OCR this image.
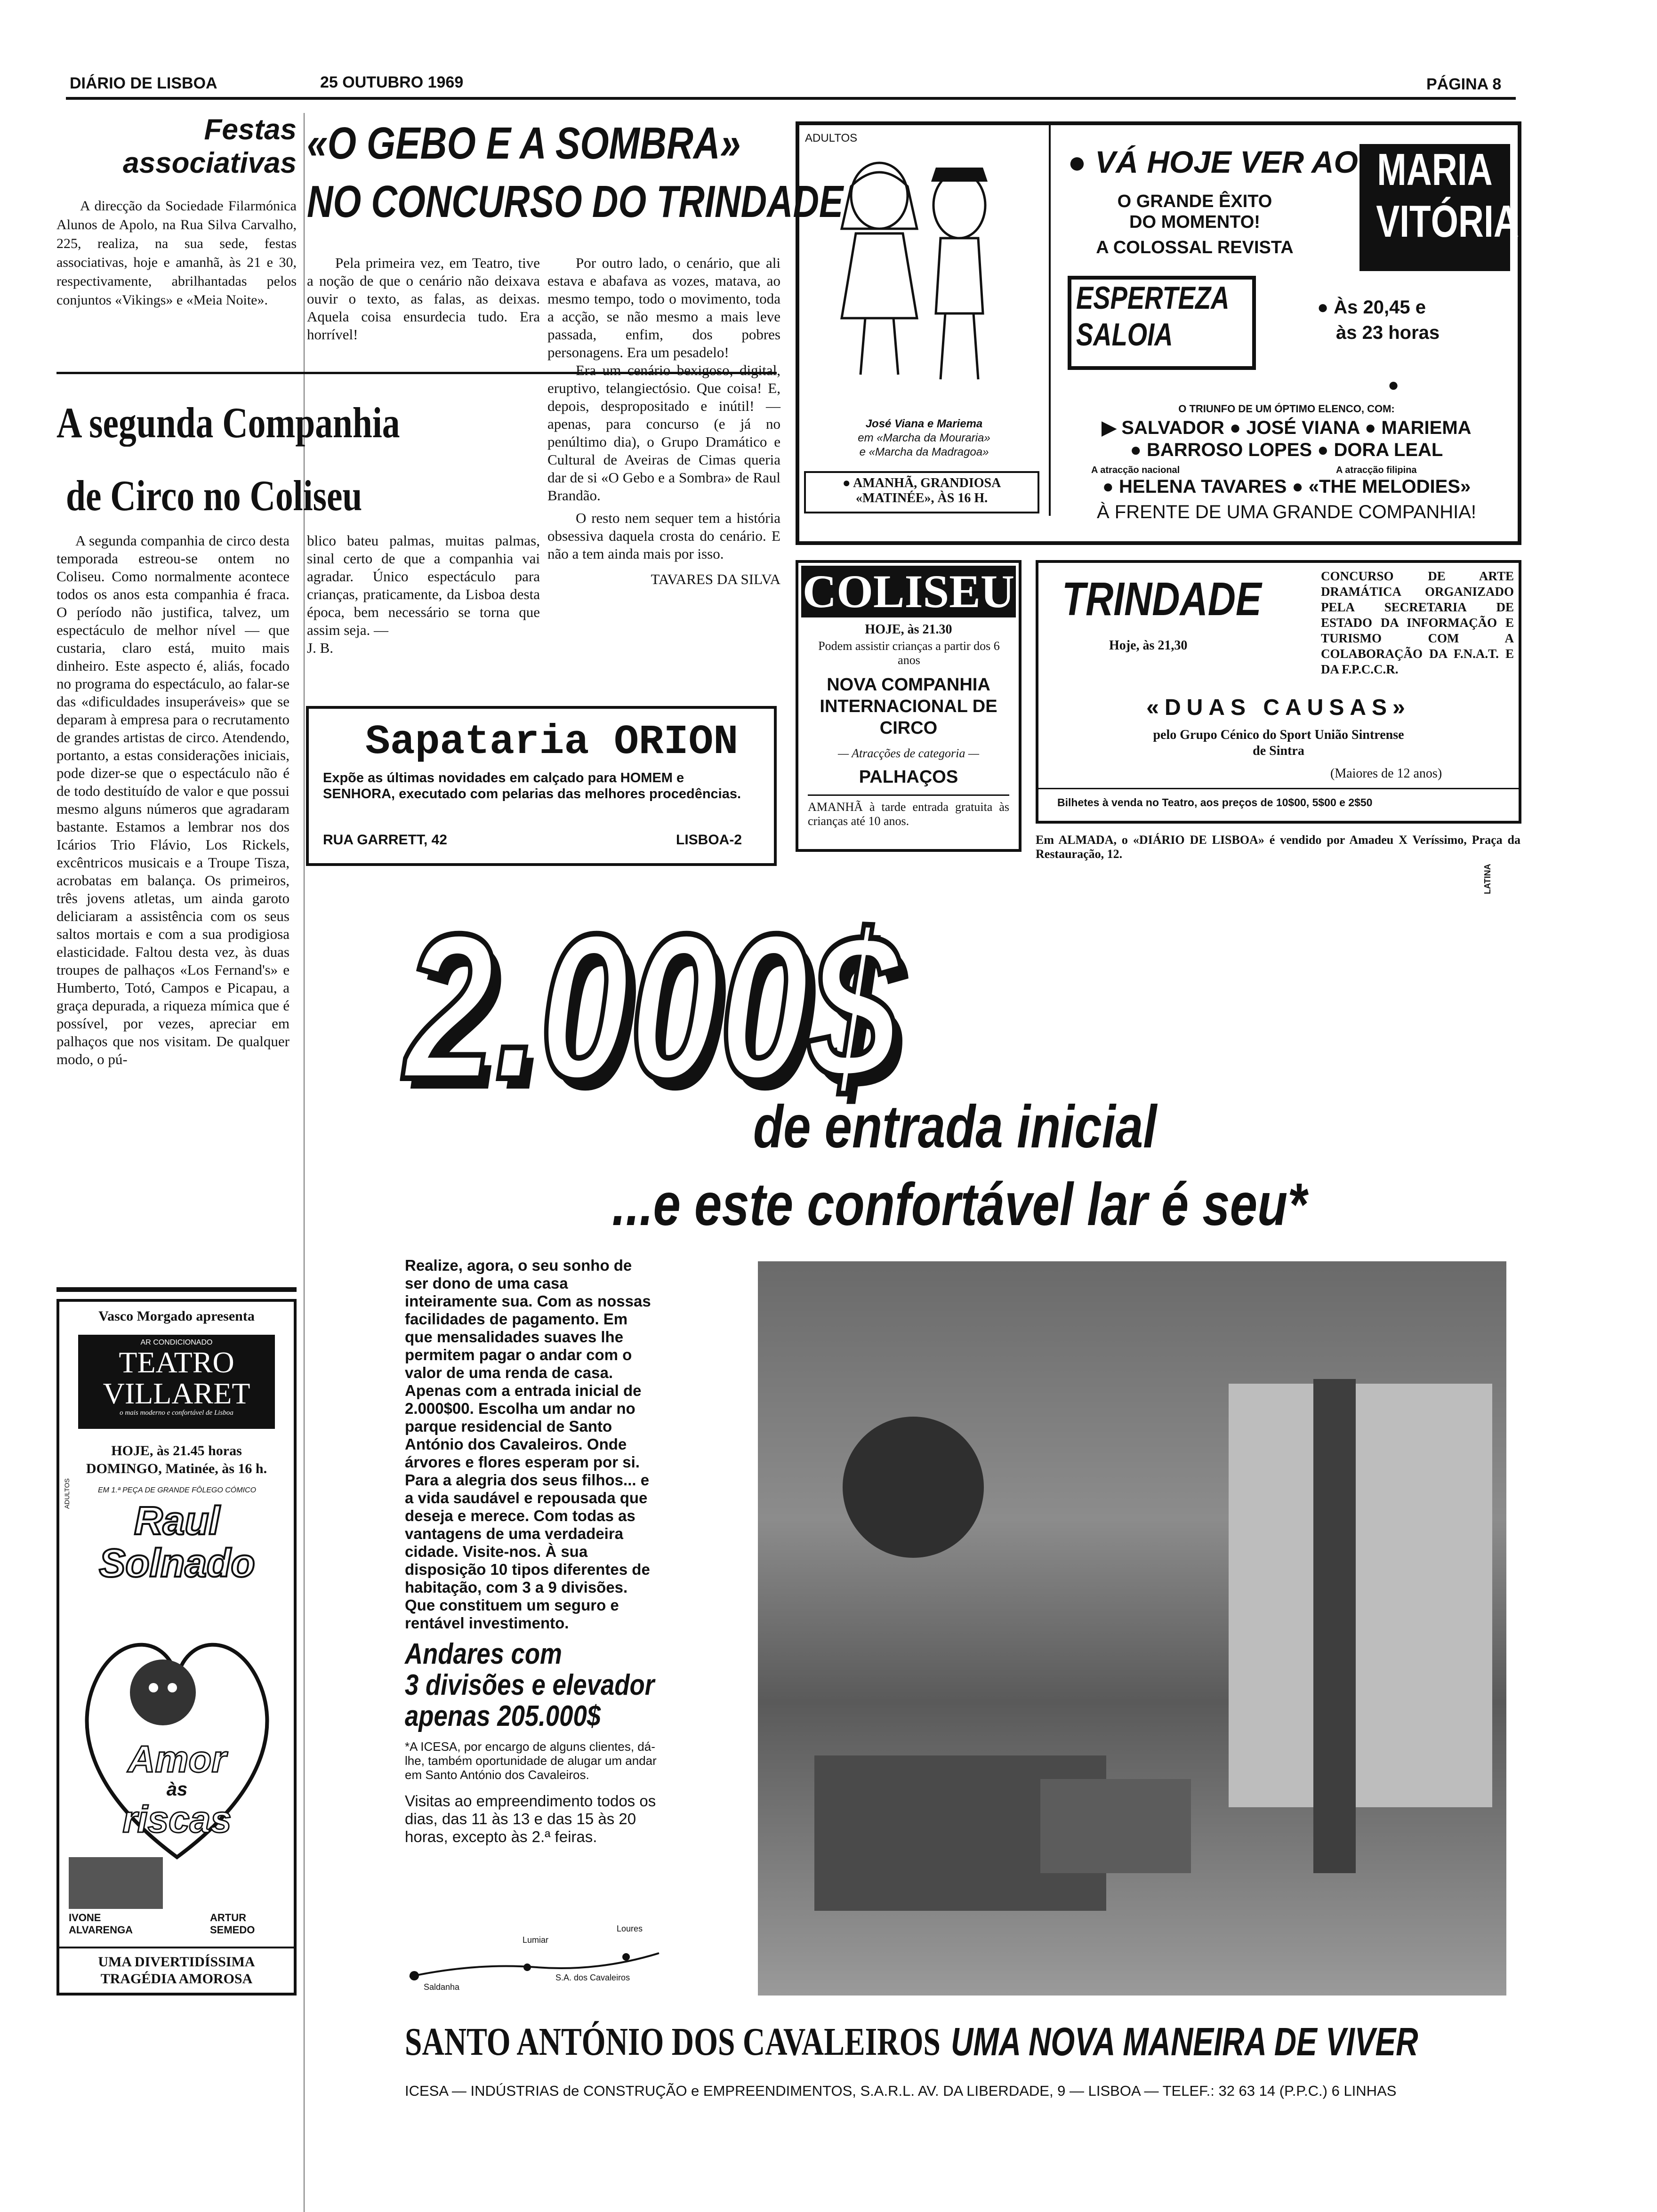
DIÁRIO DE LISBOA	25 OUTUBRO 1969	PÁGINA 8
Festas associativas

A direcção da Sociedade Filarmónica Alunos de Apolo, na Rua Silva Carvalho, 225, realiza, na sua sede, festas associativas, hoje e amanhã, às 21 e 30, respectivamente, abrilhantadas pelos conjuntos «Vikings» e «Meia Noite».

«O GEBO E A SOMBRA»
NO CONCURSO DO TRINDADE

Pela primeira vez, em Teatro, tive a noção de que o cenário não deixava ouvir o texto, as falas, as deixas. Aquela coisa ensurdecia tudo. Era horrível!

Por outro lado, o cenário, que ali estava e abafava as vozes, matava, ao mesmo tempo, todo o movimento, toda a acção, se não mesmo a mais leve passada, enfim, dos pobres personagens. Era um pesadelo!

Era um cenário bexigoso, digital, eruptivo, telangiectósio. Que coisa! E, depois, despropositado e inútil! — apenas, para concurso (e já no penúltimo dia), o Grupo Dramático e Cultural de Aveiras de Cimas queria dar de si «O Gebo e a Sombra» de Raul Brandão.

O resto nem sequer tem a história obsessiva daquela crosta do cenário. E não a tem ainda mais por isso.

TAVARES DA SILVA

A segunda Companhia
de Circo no Coliseu

A segunda companhia de circo desta temporada estreou-se ontem no Coliseu. Como normalmente acontece todos os anos esta companhia é fraca. O período não justifica, talvez, um espectáculo de melhor nível — que custaria, claro está, muito mais dinheiro. Este aspecto é, aliás, focado no programa do espectáculo, ao falar-se das «dificuldades insuperáveis» que se deparam à empresa para o recrutamento de grandes artistas de circo. Atendendo, portanto, a estas considerações iniciais, pode dizer-se que o espectáculo não é de todo destituído de valor e que possui mesmo alguns números que agradaram bastante. Estamos a lembrar nos dos Icários Trio Flávio, Los Rickels, excêntricos musicais e a Troupe Tisza, acrobatas em balança. Os primeiros, três jovens atletas, um ainda garoto deliciaram a assistência com os seus saltos mortais e com a sua prodigiosa elasticidade. Faltou desta vez, às duas troupes de palhaços «Los Fernand's» e Humberto, Totó, Campos e Picapau, a graça depurada, a riqueza mímica que é possível, por vezes, apreciar em palhaços que nos visitam. De qualquer modo, o pú-

blico bateu palmas, muitas palmas, sinal certo de que a companhia vai agradar. Único espectáculo para crianças, praticamente, da Lisboa desta época, bem necessário se torna que assim seja. —

J. B.

Sapataria ORION

Expõe as últimas novidades em calçado para HOMEM e SENHORA, executado com pelarias das melhores procedências.

RUA GARRETT, 42	LISBOA-2
ADULTOS
José Viana e Mariema
em «Marcha da Mouraria»
e «Marcha da Madragoa»
● AMANHÃ, GRANDIOSA
«MATINÉE», ÀS 16 H.
● VÁ HOJE VER AO
O GRANDE ÊXITO
DO MOMENTO!
A COLOSSAL REVISTA
MARIA
VITÓRIA
ESPERTEZA
SALOIA
● Às 20,45 e
às 23 horas
●
O TRIUNFO DE UM ÓPTIMO ELENCO, COM:
▶ SALVADOR ● JOSÉ VIANA ● MARIEMA
● BARROSO LOPES ● DORA LEAL
A atracção nacional	A atracção filipina
● HELENA TAVARES ● «THE MELODIES»
À FRENTE DE UMA GRANDE COMPANHIA!
COLISEU
HOJE, às 21.30
Podem assistir crianças a partir dos 6 anos
NOVA COMPANHIA INTERNACIONAL DE CIRCO
— Atracções de categoria —
PALHAÇOS

AMANHÃ à tarde entrada gratuita às crianças até 10 anos.

TRINDADE
Hoje, às 21,30

CONCURSO DE ARTE DRAMÁTICA ORGANIZADO PELA SECRETARIA DE ESTADO DA INFORMAÇÃO E TURISMO COM A COLABORAÇÃO DA F.N.A.T. E DA F.P.C.C.R.

«DUAS CAUSAS»
pelo Grupo Cénico do Sport União Sintrense
de Sintra
(Maiores de 12 anos)
Bilhetes à venda no Teatro, aos preços de 10$00, 5$00 e 2$50

Em ALMADA, o «DIÁRIO DE LISBOA» é vendido por Amadeu X Veríssimo, Praça da Restauração, 12.

Vasco Morgado apresenta
AR CONDICIONADO
TEATRO
VILLARET
o mais moderno e confortável de Lisboa
HOJE, às 21.45 horas
DOMINGO, Matinée, às 16 h.
EM 1.ª PEÇA DE GRANDE FÔLEGO CÓMICO
Raul
Solnado
ADULTOS
Amor
às
riscas
IVONE
ALVARENGA
ARTUR
SEMEDO
UMA DIVERTIDÍSSIMA
TRAGÉDIA AMOROSA
LATINA
2.000$
de entrada inicial
...e este confortável lar é seu*

Realize, agora, o seu sonho de ser dono de uma casa inteiramente sua. Com as nossas facilidades de pagamento. Em que mensalidades suaves lhe permitem pagar o andar com o valor de uma renda de casa. Apenas com a entrada inicial de 2.000$00. Escolha um andar no parque residencial de Santo António dos Cavaleiros. Onde árvores e flores esperam por si. Para a alegria dos seus filhos... e a vida saudável e repousada que deseja e merece. Com todas as vantagens de uma verdadeira cidade. Visite-nos. À sua disposição 10 tipos diferentes de habitação, com 3 a 9 divisões. Que constituem um seguro e rentável investimento.

Andares com
3 divisões e elevador
apenas 205.000$

*A ICESA, por encargo de alguns clientes, dá-lhe, também oportunidade de alugar um andar em Santo António dos Cavaleiros.

Visitas ao empreendimento todos os dias, das 11 às 13 e das 15 às 20 horas, excepto às 2.ª feiras.

Lumiar
Loures
Saldanha
S.A. dos Cavaleiros
SANTO ANTÓNIO DOS CAVALEIROS UMA NOVA MANEIRA DE VIVER
ICESA — INDÚSTRIAS de CONSTRUÇÃO e EMPREENDIMENTOS, S.A.R.L. AV. DA LIBERDADE, 9 — LISBOA — TELEF.: 32 63 14 (P.P.C.) 6 LINHAS
